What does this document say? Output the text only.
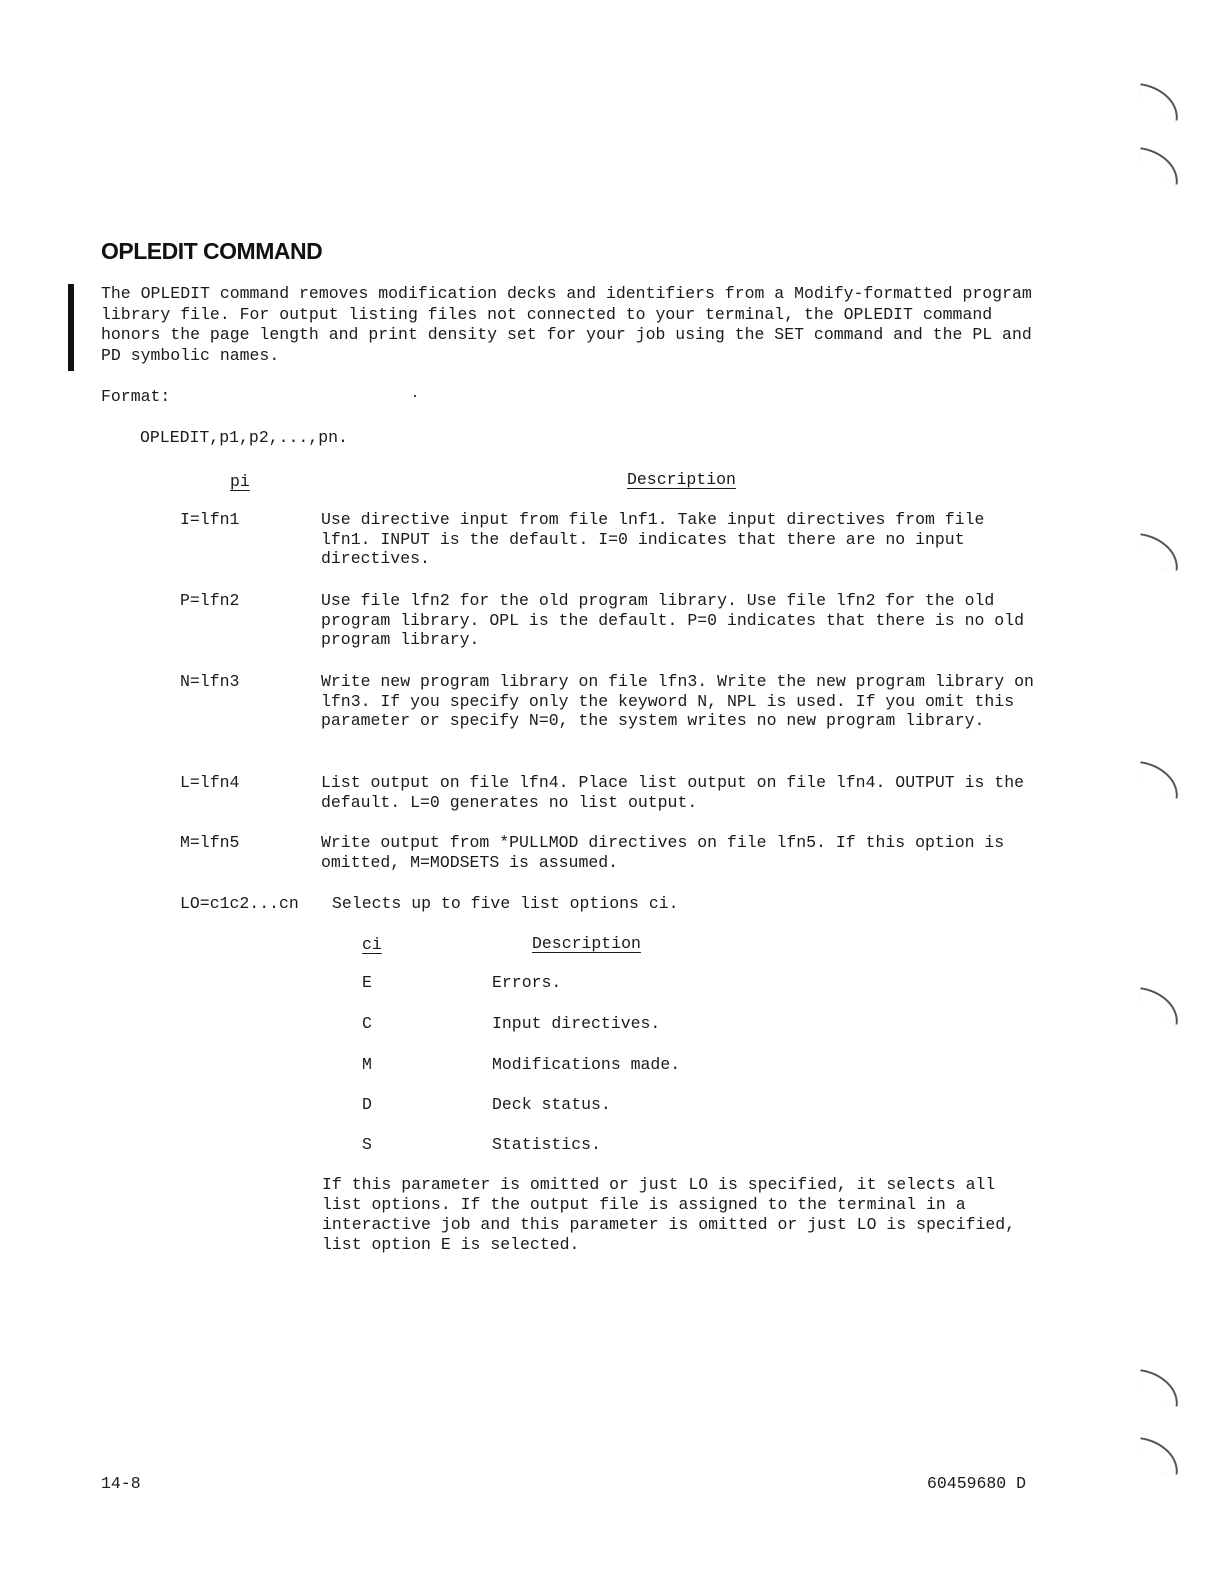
OPLEDIT COMMAND
The OPLEDIT command removes modification decks and identifiers from a Modify-formatted program library file. For output listing files not connected to your terminal, the OPLEDIT command honors the page length and print density set for your job using the SET command and the PL and PD symbolic names.
Format:
OPLEDIT,p1,p2,...,pn.
pi	Description
I=lfn1	Use directive input from file lnf1. Take input directives from file lfn1. INPUT is the default. I=0 indicates that there are no input directives.
P=lfn2	Use file lfn2 for the old program library. Use file lfn2 for the old program library. OPL is the default. P=0 indicates that there is no old program library.
N=lfn3	Write new program library on file lfn3. Write the new program library on lfn3. If you specify only the keyword N, NPL is used. If you omit this parameter or specify N=0, the system writes no new program library.
L=lfn4	List output on file lfn4. Place list output on file lfn4. OUTPUT is the default. L=0 generates no list output.
M=lfn5	Write output from *PULLMOD directives on file lfn5. If this option is omitted, M=MODSETS is assumed.
LO=c1c2...cn Selects up to five list options ci.
ci	Description
E	Errors.
C	Input directives.
M	Modifications made.
D	Deck status.
S	Statistics.
If this parameter is omitted or just LO is specified, it selects all list options. If the output file is assigned to the terminal in a interactive job and this parameter is omitted or just LO is specified, list option E is selected.
14-8	60459680 D
